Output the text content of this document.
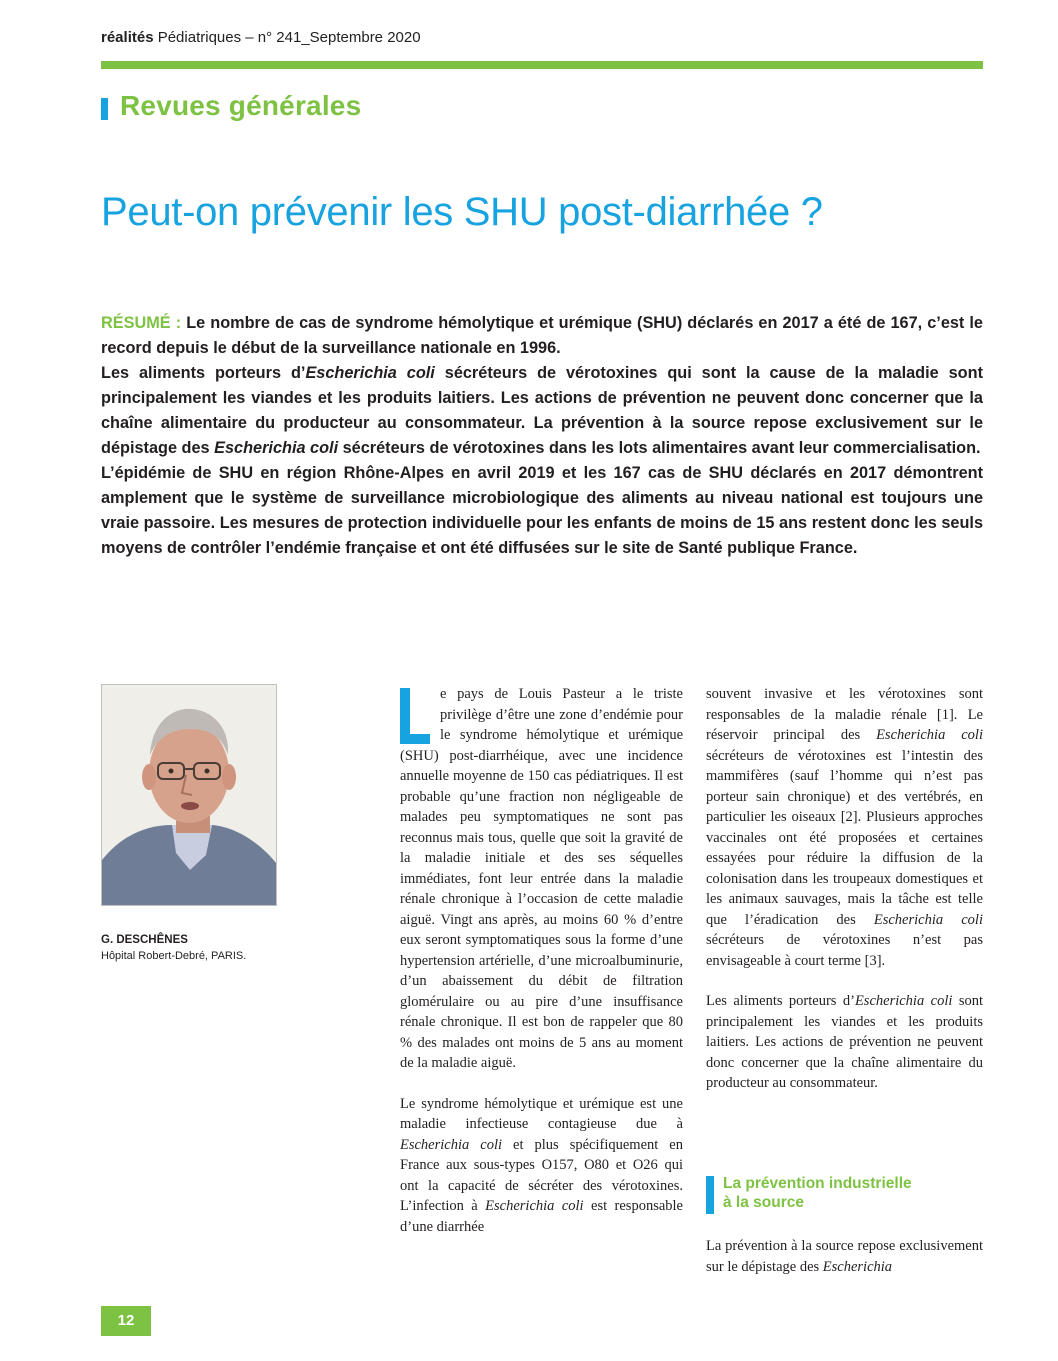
réalités Pédiatriques – n° 241_Septembre 2020
Revues générales
Peut-on prévenir les SHU post-diarrhée ?

RÉSUMÉ : Le nombre de cas de syndrome hémolytique et urémique (SHU) déclarés en 2017 a été de 167, c’est le record depuis le début de la surveillance nationale en 1996.

Les aliments porteurs d’Escherichia coli sécréteurs de vérotoxines qui sont la cause de la maladie sont principalement les viandes et les produits laitiers. Les actions de prévention ne peuvent donc concerner que la chaîne alimentaire du producteur au consommateur. La prévention à la source repose exclusivement sur le dépistage des Escherichia coli sécréteurs de vérotoxines dans les lots alimentaires avant leur commercialisation.

L’épidémie de SHU en région Rhône-Alpes en avril 2019 et les 167 cas de SHU déclarés en 2017 démontrent amplement que le système de surveillance microbiologique des aliments au niveau national est toujours une vraie passoire. Les mesures de protection individuelle pour les enfants de moins de 15 ans restent donc les seuls moyens de contrôler l’endémie française et ont été diffusées sur le site de Santé publique France.

G. DESCHÊNES
Hôpital Robert-Debré, PARIS.

e pays de Louis Pasteur a le triste privilège d’être une zone d’endémie pour le syndrome hémolytique et urémique (SHU) post-diarrhéique, avec une incidence annuelle moyenne de 150 cas pédiatriques. Il est probable qu’une fraction non négligeable de malades peu symptomatiques ne sont pas reconnus mais tous, quelle que soit la gravité de la maladie initiale et des ses séquelles immédiates, font leur entrée dans la maladie rénale chronique à l’occasion de cette maladie aiguë. Vingt ans après, au moins 60 % d’entre eux seront symptomatiques sous la forme d’une hypertension artérielle, d’une microalbuminurie, d’un abaissement du débit de filtration glomérulaire ou au pire d’une insuffisance rénale chronique. Il est bon de rappeler que 80 % des malades ont moins de 5 ans au moment de la maladie aiguë.

Le syndrome hémolytique et urémique est une maladie infectieuse contagieuse due à Escherichia coli et plus spécifiquement en France aux sous-types O157, O80 et O26 qui ont la capacité de sécréter des vérotoxines. L’infection à Escherichia coli est responsable d’une diarrhée

souvent invasive et les vérotoxines sont responsables de la maladie rénale [1]. Le réservoir principal des Escherichia coli sécréteurs de vérotoxines est l’intestin des mammifères (sauf l’homme qui n’est pas porteur sain chronique) et des vertébrés, en particulier les oiseaux [2]. Plusieurs approches vaccinales ont été proposées et certaines essayées pour réduire la diffusion de la colonisation dans les troupeaux domestiques et les animaux sauvages, mais la tâche est telle que l’éradication des Escherichia coli sécréteurs de vérotoxines n’est pas envisageable à court terme [3].

Les aliments porteurs d’Escherichia coli sont principalement les viandes et les produits laitiers. Les actions de prévention ne peuvent donc concerner que la chaîne alimentaire du producteur au consommateur.

La prévention industrielle
à la source

La prévention à la source repose exclusivement sur le dépistage des Escherichia

12
